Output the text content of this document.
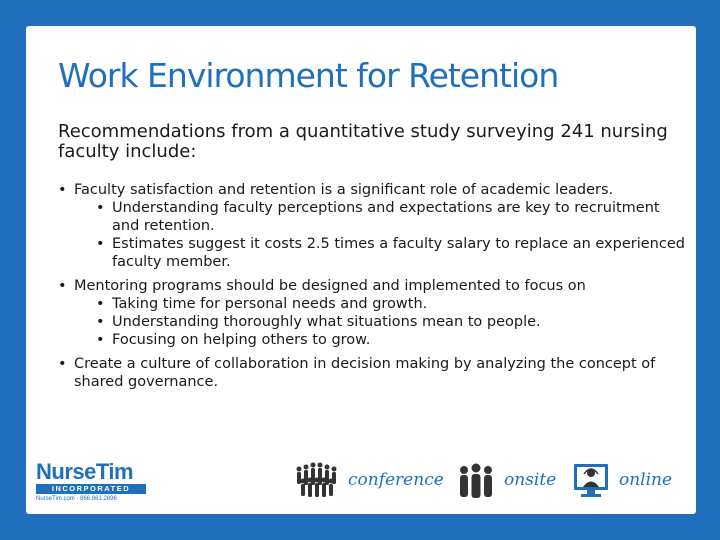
Work Environment for Retention
Recommendations from a quantitative study surveying 241 nursing faculty include:
• Faculty satisfaction and retention is a significant role of academic leaders.
• Understanding faculty perceptions and expectations are key to recruitment and retention.
• Estimates suggest it costs 2.5 times a faculty salary to replace an experienced faculty member.
• Mentoring programs should be designed and implemented to focus on
• Taking time for personal needs and growth.
• Understanding thoroughly what situations mean to people.
• Focusing on helping others to grow.
• Create a culture of collaboration in decision making by analyzing the concept of shared governance.
NurseTim
INCORPORATED
NurseTim.com · 866.861.2896
conference	onsite	online
